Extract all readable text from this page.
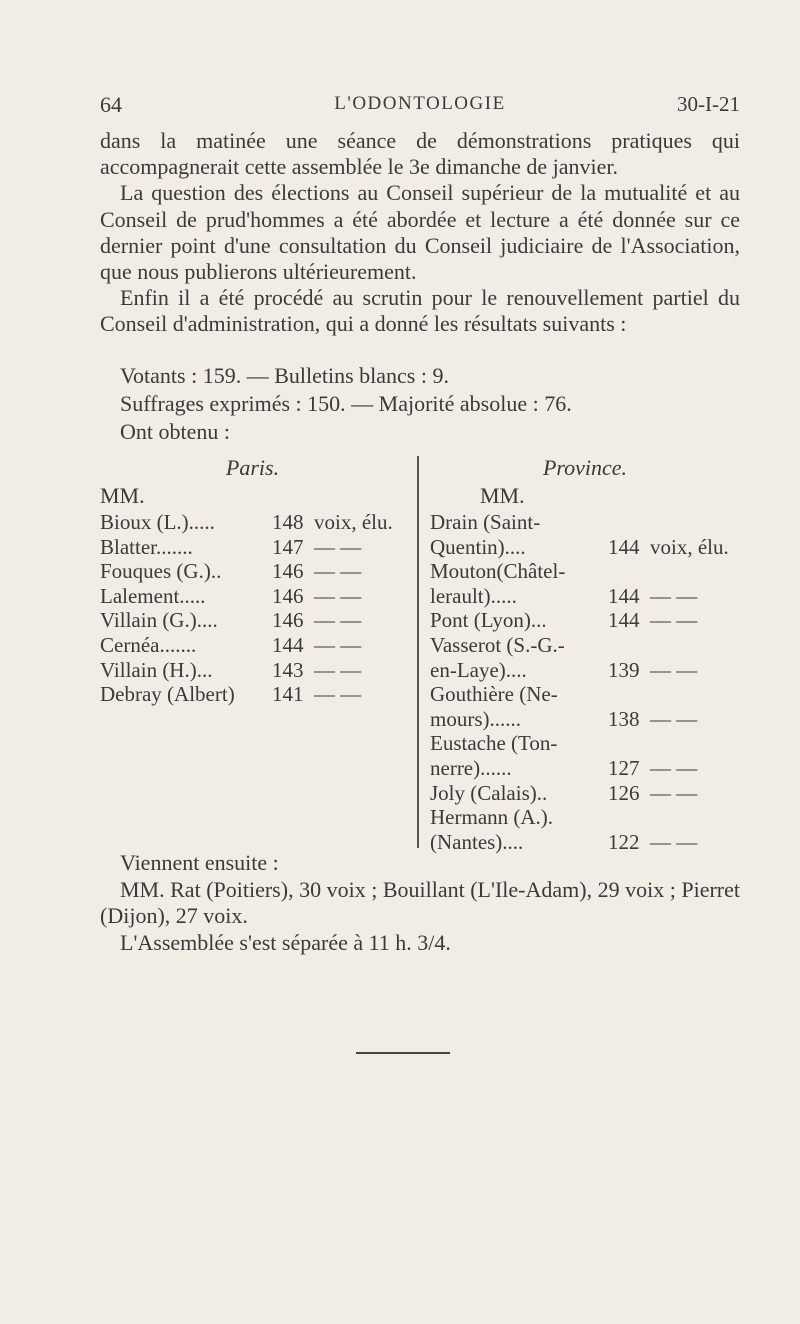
64	L'ODONTOLOGIE	30-I-21

dans la matinée une séance de démonstrations pratiques qui accompagnerait cette assemblée le 3e dimanche de janvier.

La question des élections au Conseil supérieur de la mutualité et au Conseil de prud'hommes a été abordée et lecture a été donnée sur ce dernier point d'une consultation du Conseil judiciaire de l'Association, que nous publierons ultérieurement.

Enfin il a été procédé au scrutin pour le renouvellement partiel du Conseil d'administration, qui a donné les résultats suivants :

Votants : 159. — Bulletins blancs : 9.
Suffrages exprimés : 150. — Majorité absolue : 76.
Ont obtenu :
Paris.
MM.
Bioux (L.).....	148 voix, élu.
Blatter.......	147 — —
Fouques (G.).. 146 — —
Lalement.....	146 — —
Villain (G.)....	146 — —
Cernéa.......	144 — —
Villain (H.)...	143 — —
Debray (Albert) 141 — —
Province.
MM.
Drain (Saint-
Quentin)....	144 voix, élu.
Mouton(Châtel-
lerault).....	144 — —
Pont (Lyon)...	144 — —
Vasserot (S.-G.-
en-Laye)....	139 — —
Gouthière (Ne-
mours)......	138 — —
Eustache (Ton-
nerre)......	127 — —
Joly (Calais)..	126 — —
Hermann (A.).
(Nantes)....	122 — —

Viennent ensuite :

MM. Rat (Poitiers), 30 voix ; Bouillant (L'Ile-Adam), 29 voix ; Pierret (Dijon), 27 voix.

L'Assemblée s'est séparée à 11 h. 3/4.
